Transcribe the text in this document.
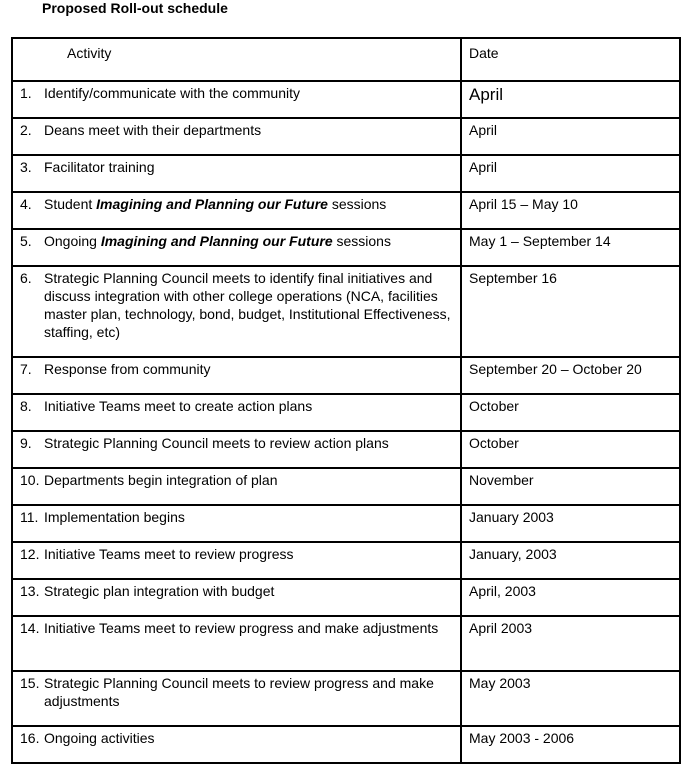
Proposed Roll-out schedule
Activity	Date

1. Identify/communicate with the community	April

2. Deans meet with their departments	April

3. Facilitator training	April

4. Student Imagining and Planning our Future sessions	April 15 – May 10

5. Ongoing Imagining and Planning our Future sessions	May 1 – September 14

6. Strategic Planning Council meets to identify final initiatives and discuss integration with other college operations (NCA, facilities master plan, technology, bond, budget, Institutional Effectiveness, staffing, etc)	September 16

7. Response from community	September 20 – October 20

8. Initiative Teams meet to create action plans	October

9. Strategic Planning Council meets to review action plans	October

10. Departments begin integration of plan	November

11. Implementation begins	January 2003

12. Initiative Teams meet to review progress	January, 2003

13. Strategic plan integration with budget	April, 2003

14. Initiative Teams meet to review progress and make adjustments	April 2003

15. Strategic Planning Council meets to review progress and make adjustments	May 2003

16. Ongoing activities	May 2003 - 2006
